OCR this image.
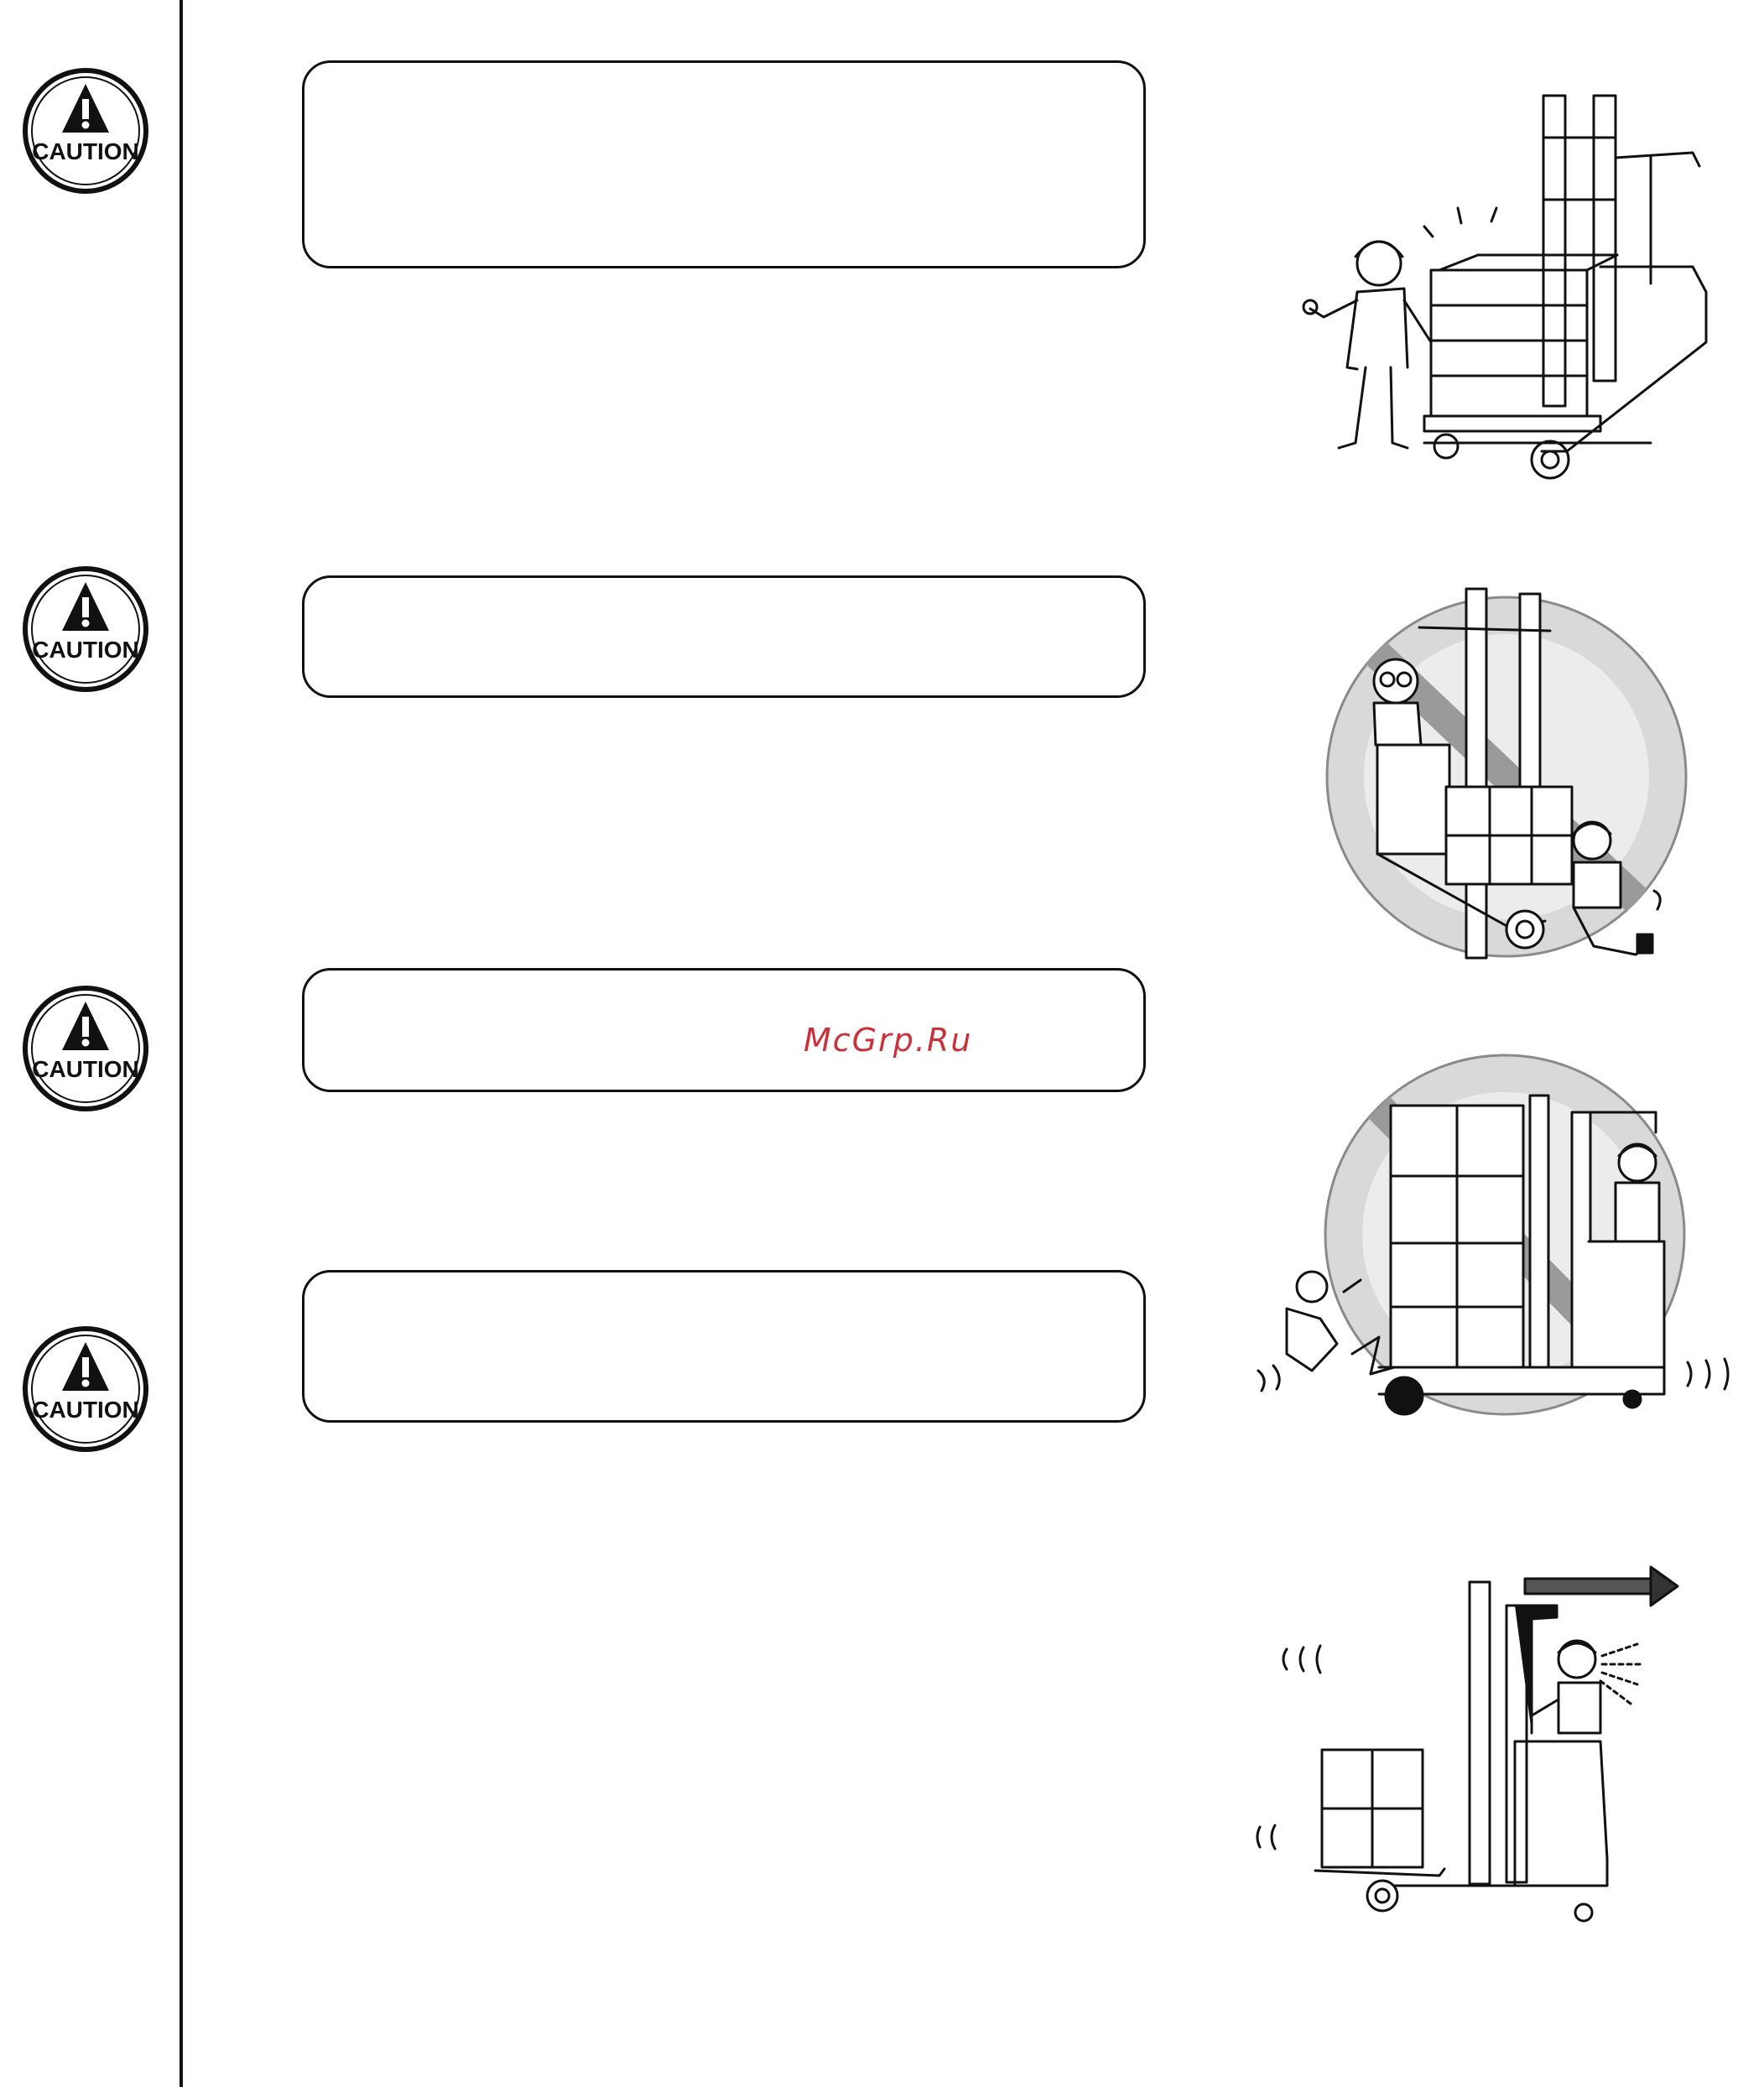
CAUTION
CAUTION
CAUTION
CAUTION
McGrp.Ru
